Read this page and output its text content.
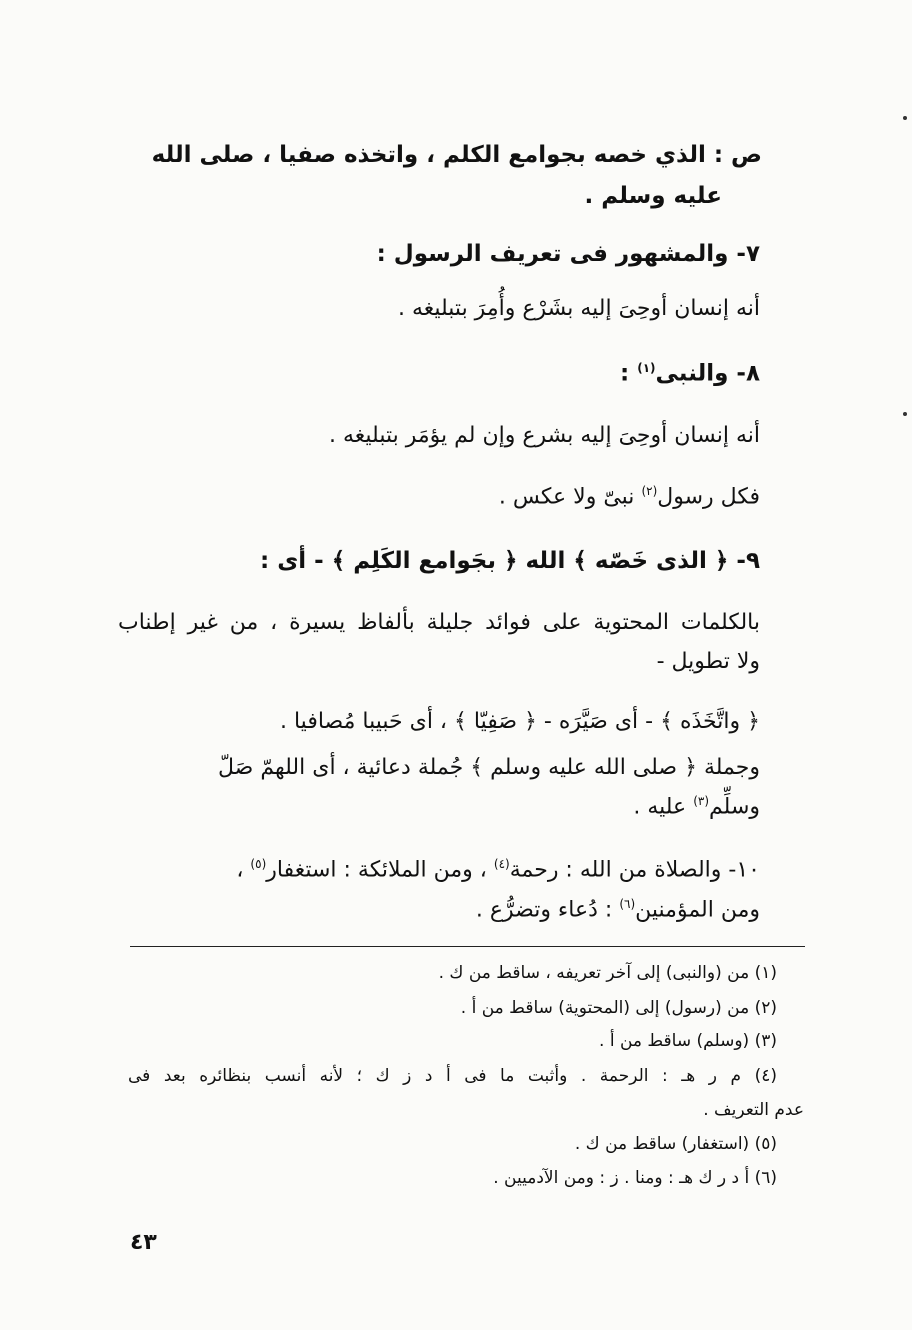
ص : الذي خصه بجوامع الكلم ، واتخذه صفيا ، صلى الله
عليه وسلم .
٧- والمشهور فى تعريف الرسول :
أنه إنسان أوحِىَ إليه بشَرْع وأُمِرَ بتبليغه .
٨- والنبى$^{(١)}$ :
أنه إنسان أوحِىَ إليه بشرع وإن لم يؤمَر بتبليغه .
فكل رسول$^{(٢)}$ نبىّ ولا عكس .
٩- ﴿ الذى خَصّه ﴾ الله ﴿ بجَوامع الكَلِم ﴾ - أى :
بالكلمات المحتوية على فوائد جليلة بألفاظ يسيرة ، من غير إطناب
ولا تطويل -
﴿ واتَّخَذَه ﴾ - أى صَيَّرَه - ﴿ صَفِيّا ﴾ ، أى حَبيبا مُصافيا .
وجملة ﴿ صلى الله عليه وسلم ﴾ جُملة دعائية ، أى اللهمّ صَلّ
وسلِّم$^{(٣)}$ عليه .
١٠- والصلاة من الله : رحمة$^{(٤)}$ ، ومن الملائكة : استغفار$^{(٥)}$ ،
ومن المؤمنين$^{(٦)}$ : دُعاء وتضرُّع .
(١) من (والنبى) إلى آخر تعريفه ، ساقط من ك .
(٢) من (رسول) إلى (المحتوية) ساقط من أ .
(٣) (وسلم) ساقط من أ .
(٤) م ر هـ : الرحمة . وأثبت ما فى أ د ز ك ؛ لأنه أنسب بنظائره بعد فى
عدم التعريف .
(٥) (استغفار) ساقط من ك .
(٦) أ د ر ك هـ : ومنا . ز : ومن الآدميين .
٤٣
